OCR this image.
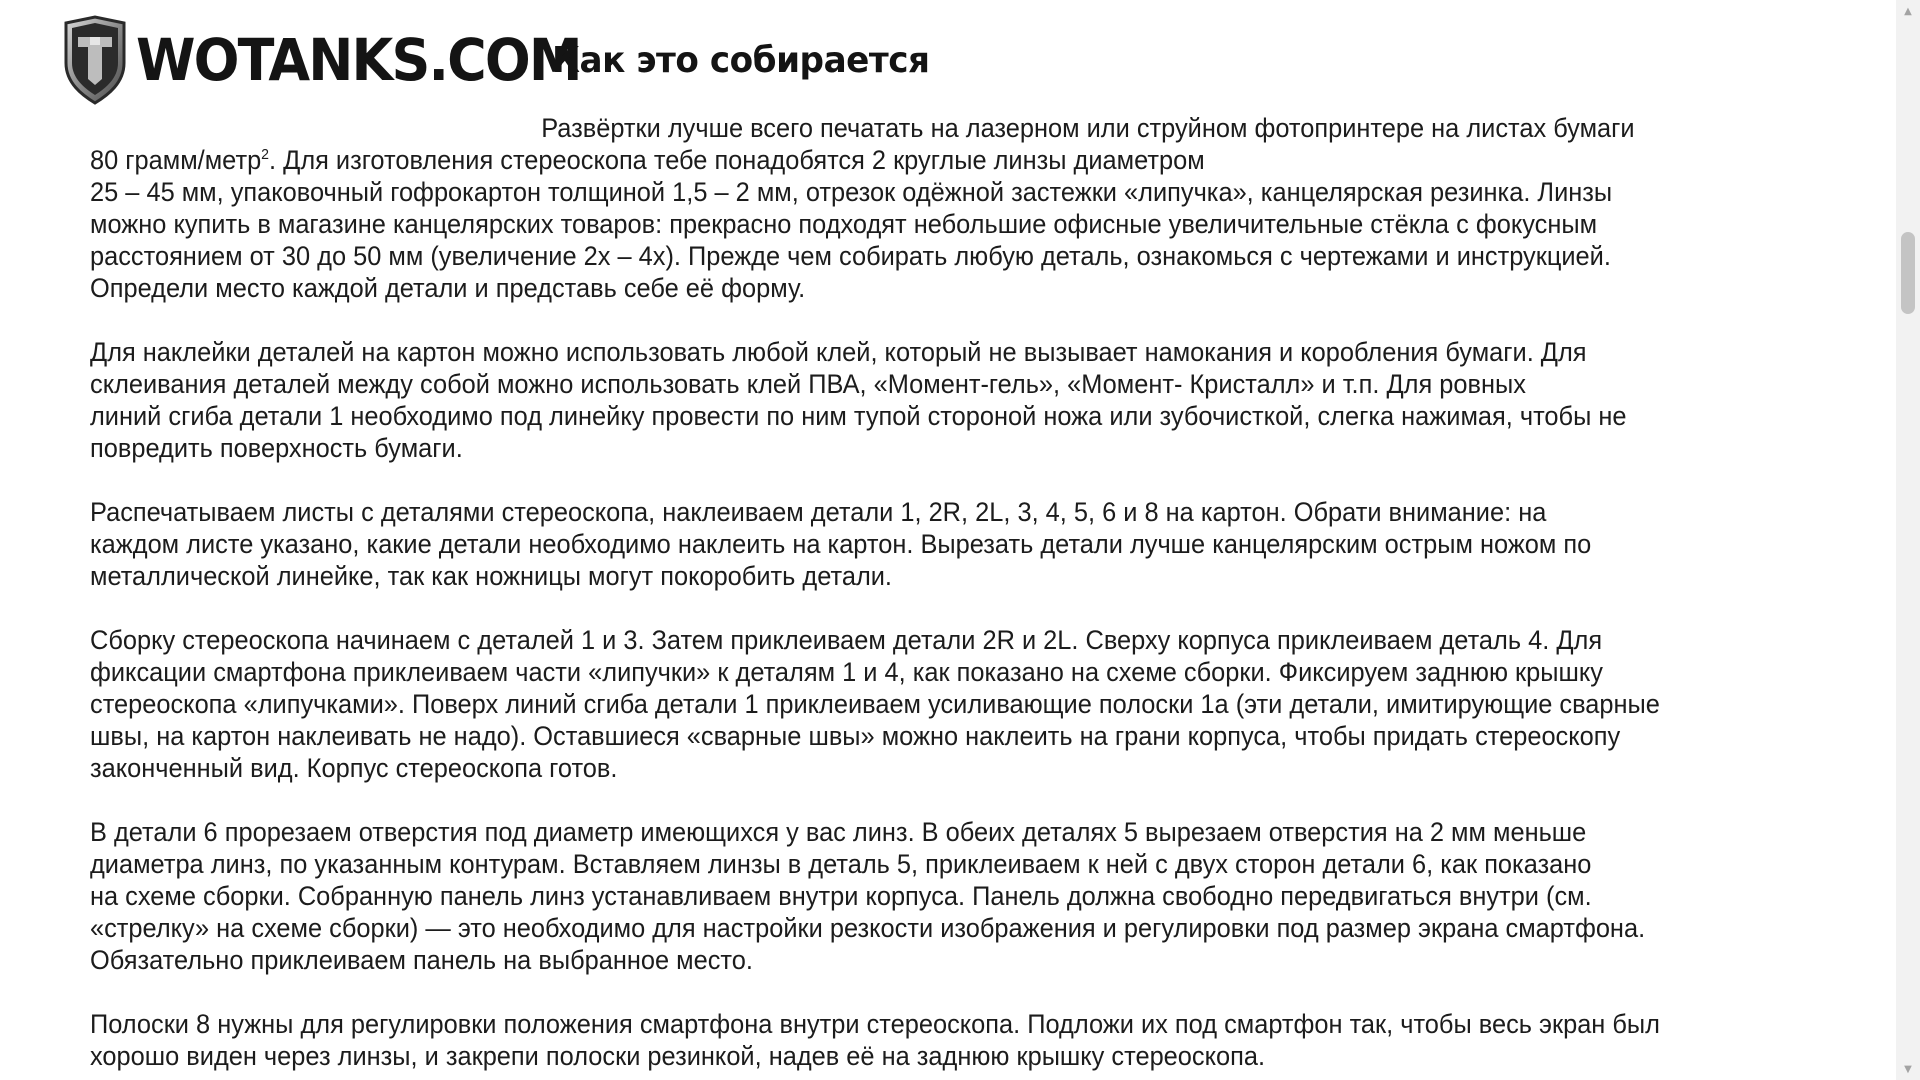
WOTANKS.COM
Как это собирается
Развёртки лучше всего печатать на лазерном или струйном фотопринтере на листах бумаги
80 грамм/метр$^2$. Для изготовления стереоскопа тебе понадобятся 2 круглые линзы диаметром
25 – 45 мм, упаковочный гофрокартон толщиной 1,5 – 2 мм, отрезок одёжной застежки «липучка», канцелярская резинка. Линзы
можно купить в магазине канцелярских товаров: прекрасно подходят небольшие офисные увеличительные стёкла с фокусным
расстоянием от 30 до 50 мм (увеличение 2х – 4х). Прежде чем собирать любую деталь, ознакомься с чертежами и инструкцией.
Определи место каждой детали и представь себе её форму.
Для наклейки деталей на картон можно использовать любой клей, который не вызывает намокания и коробления бумаги. Для
склеивания деталей между собой можно использовать клей ПВА, «Момент-гель», «Момент- Кристалл» и т.п. Для ровных
линий сгиба детали 1 необходимо под линейку провести по ним тупой стороной ножа или зубочисткой, слегка нажимая, чтобы не
повредить поверхность бумаги.
Распечатываем листы с деталями стереоскопа, наклеиваем детали 1, 2R, 2L, 3, 4, 5, 6 и 8 на картон. Обрати внимание: на
каждом листе указано, какие детали необходимо наклеить на картон. Вырезать детали лучше канцелярским острым ножом по
металлической линейке, так как ножницы могут покоробить детали.
Сборку стереоскопа начинаем с деталей 1 и 3. Затем приклеиваем детали 2R и 2L. Сверху корпуса приклеиваем деталь 4. Для
фиксации смартфона приклеиваем части «липучки» к деталям 1 и 4, как показано на схеме сборки. Фиксируем заднюю крышку
стереоскопа «липучками». Поверх линий сгиба детали 1 приклеиваем усиливающие полоски 1а (эти детали, имитирующие сварные
швы, на картон наклеивать не надо). Оставшиеся «сварные швы» можно наклеить на грани корпуса, чтобы придать стереоскопу
законченный вид. Корпус стереоскопа готов.
В детали 6 прорезаем отверстия под диаметр имеющихся у вас линз. В обеих деталях 5 вырезаем отверстия на 2 мм меньше
диаметра линз, по указанным контурам. Вставляем линзы в деталь 5, приклеиваем к ней с двух сторон детали 6, как показано
на схеме сборки. Собранную панель линз устанавливаем внутри корпуса. Панель должна свободно передвигаться внутри (см.
«стрелку» на схеме сборки) — это необходимо для настройки резкости изображения и регулировки под размер экрана смартфона.
Обязательно приклеиваем панель на выбранное место.
Полоски 8 нужны для регулировки положения смартфона внутри стереоскопа. Подложи их под смартфон так, чтобы весь экран был
хорошо виден через линзы, и закрепи полоски резинкой, надев её на заднюю крышку стереоскопа.
▲
▼
